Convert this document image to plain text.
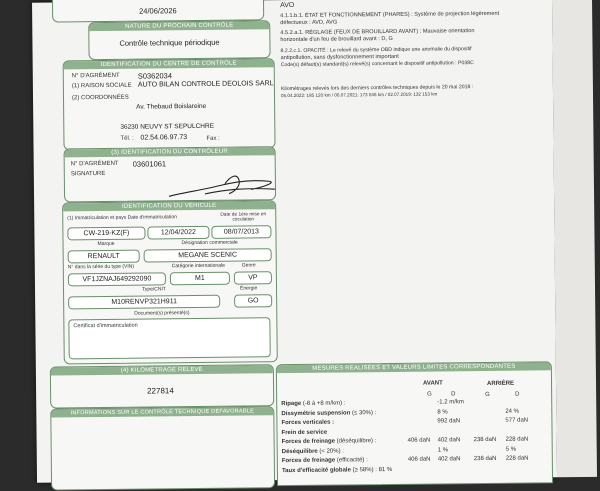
24/06/2026
NATURE DU PROCHAIN CONTRÔLE
Contrôle technique périodique
IDENTIFICATION DU CENTRE DE CONTRÔLE
N° D'AGRÉMENT S0362034
(1) RAISON SOCIALE AUTO BILAN CONTROLE DEOLOIS SARL
(2) COORDONNÉES
Av. Thebaud Boislareine
36230 NEUVY ST SEPULCHRE
Tél. : 02.54.06.97.73	Fax :
(3) IDENTIFICATION DU CONTRÔLEUR
N° D'AGRÉMENT 03601061
SIGNATURE
IDENTIFICATION DU VÉHICULE
(1) Immatriculation et pays Date d'immatriculation	Date de 1ère mise en circulation
CW-219-KZ(F)	12/04/2022	08/07/2013
Marque	Désignation commerciale
RENAULT	MEGANE SCENIC
N° dans la série du type (VIN)	Catégorie internationale	Genre
VF1JZNAJ649292090	M1	VP
Type/CNIT	Énergie
M10RENVP321H911	GO
Document(s) présenté(s)
Certificat d'immatriculation
(4) KILOMÉTRAGE RELEVÉ
227814
INFORMATIONS SUR LE CONTRÔLE TECHNIQUE DÉFAVORABLE
AVO
4.1.1.b.1. ÉTAT ET FONCTIONNEMENT (PHARES) : Système de projection légèrement
défectueux : AVD, AVG
4.5.2.a.1. RÉGLAGE (FEUX DE BROUILLARD AVANT) : Mauvaise orientation
horizontale d'un feu de brouillard avant : D, G
8.2.2.c.1. OPACITÉ : Le relevé du système OBD indique une anomalie du dispositif
antipollution, sans dysfonctionnement important
Code(s) défaut(s) standard(s) relevé(s) concernant le dispositif antipollution : P038C
Kilométrages relevés lors des derniers contrôles techniques depuis le 20 mai 2018 :
05.04.2022: 185 120 km / 06.07.2021: 173 046 km / 02.07.2019: 132 153 km
MESURES RÉALISÉES ET VALEURS LIMITES CORRESPONDANTES
AVANT	ARRIÈRE
G	D	G	D
Ripage (-8 à +8 m/km) :	-1.2 m/km
Dissymétrie suspension (≤ 30%) :	8 %	24 %
Forces verticales :	992 daN	577 daN
Frein de service
Forces de freinage (déséquilibre) :	406 daN 402 daN 238 daN 228 daN
Déséquilibre (< 20%) :	1 %	5 %
Forces de freinage (efficacité) :	406 daN 402 daN 238 daN 228 daN
Taux d'efficacité globale (≥ 58%) : 81 %
